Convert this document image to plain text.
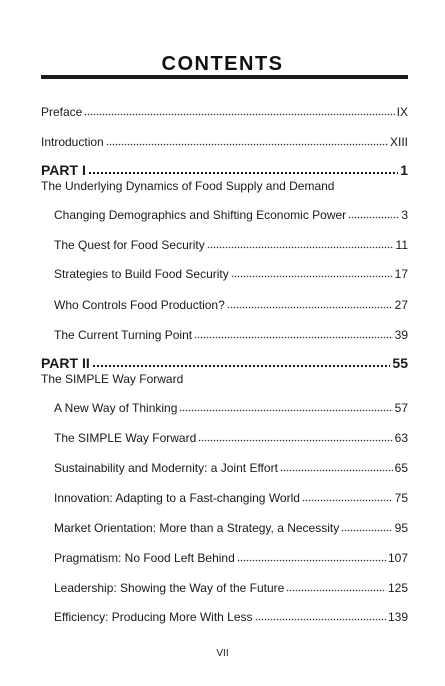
CONTENTS
Preface	IX
Introduction	XIII
PART I	1
The Underlying Dynamics of Food Supply and Demand
Changing Demographics and Shifting Economic Power	3
The Quest for Food Security	11
Strategies to Build Food Security	17
Who Controls Food Production?	27
The Current Turning Point	39
PART II	55
The SIMPLE Way Forward
A New Way of Thinking	57
The SIMPLE Way Forward	63
Sustainability and Modernity: a Joint Effort	65
Innovation: Adapting to a Fast-changing World	75
Market Orientation: More than a Strategy, a Necessity	95
Pragmatism: No Food Left Behind	107
Leadership: Showing the Way of the Future	125
Efficiency: Producing More With Less	139
VII
